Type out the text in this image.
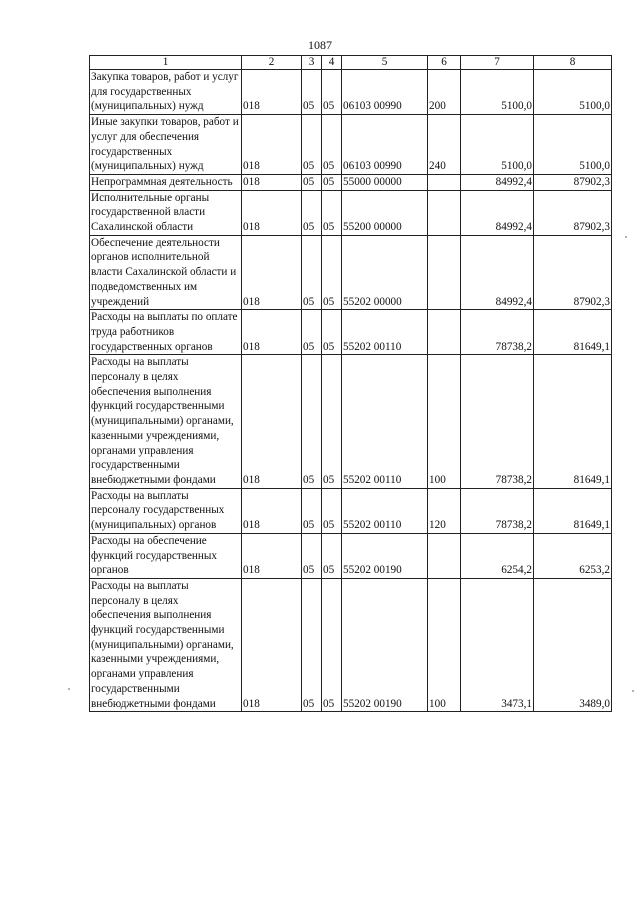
1087
1	2	3	4	5	6	7	8
Закупка товаров, работ и услуг для государственных (муниципальных) нужд	018	05	05	06103 00990	200	5100,0	5100,0
Иные закупки товаров, работ и услуг для обеспечения государственных (муниципальных) нужд	018	05	05	06103 00990	240	5100,0	5100,0
Непрограммная деятельность	018	05	05	55000 00000		84992,4	87902,3
Исполнительные органы государственной власти Сахалинской области	018	05	05	55200 00000		84992,4	87902,3
Обеспечение деятельности органов исполнительной власти Сахалинской области и подведомственных им учреждений	018	05	05	55202 00000		84992,4	87902,3
Расходы на выплаты по оплате труда работников государственных органов	018	05	05	55202 00110		78738,2	81649,1
Расходы на выплаты персоналу в целях обеспечения выполнения функций государственными (муниципальными) органами, казенными учреждениями, органами управления государственными внебюджетными фондами	018	05	05	55202 00110	100	78738,2	81649,1
Расходы на выплаты персоналу государственных (муниципальных) органов	018	05	05	55202 00110	120	78738,2	81649,1
Расходы на обеспечение функций государственных органов	018	05	05	55202 00190		6254,2	6253,2
Расходы на выплаты персоналу в целях обеспечения выполнения функций государственными (муниципальными) органами, казенными учреждениями, органами управления государственными внебюджетными фондами	018	05	05	55202 00190	100	3473,1	3489,0
